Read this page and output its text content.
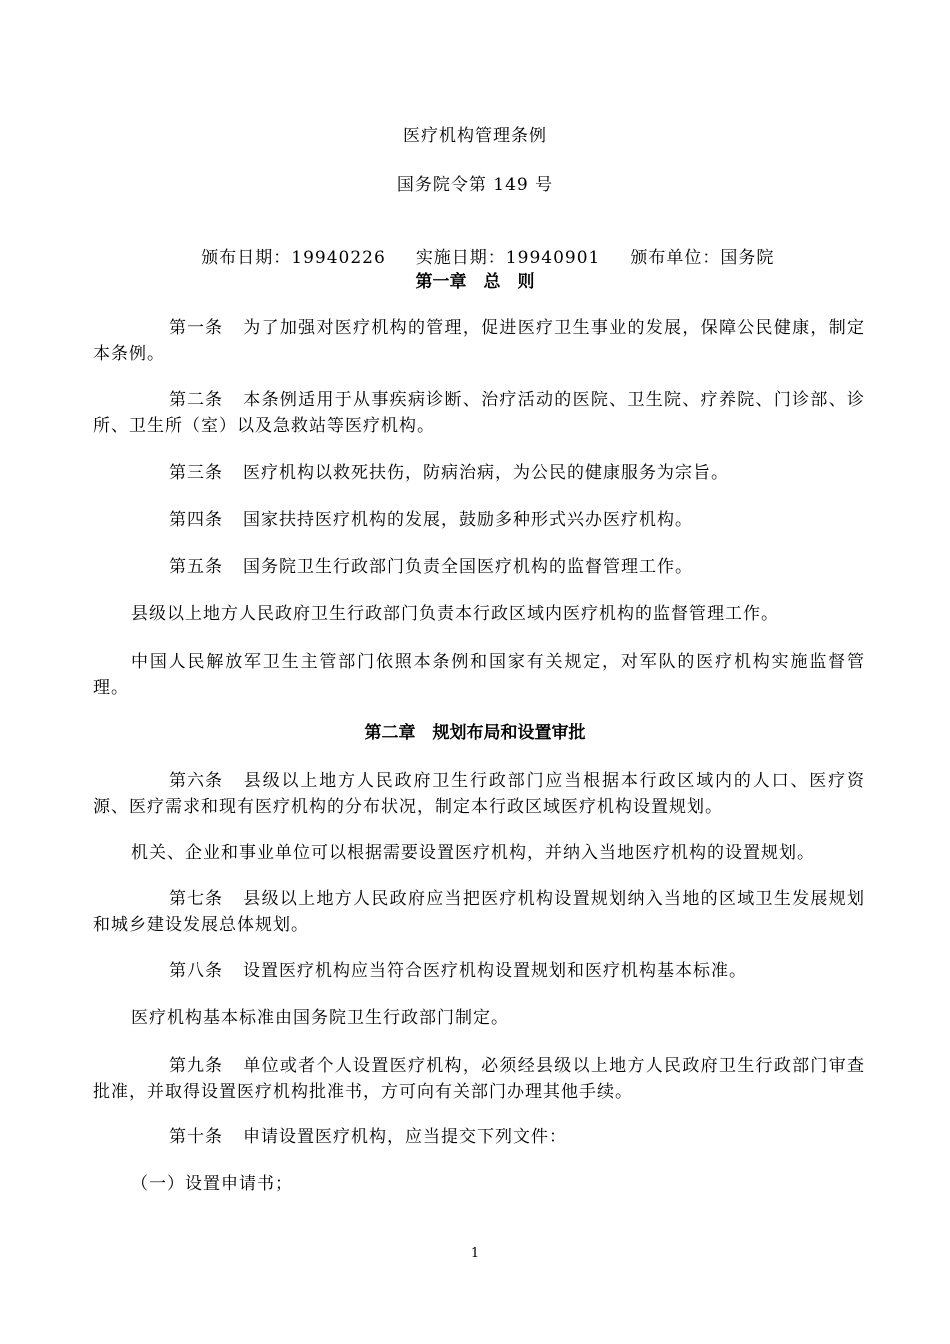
医疗机构管理条例
国务院令第 149 号

颁布日期：19940226 实施日期：19940901 颁布单位：国务院

第一章　总　则
第一条 为了加强对医疗机构的管理，促进医疗卫生事业的发展，保障公民健康，制定本条例。
第二条 本条例适用于从事疾病诊断、治疗活动的医院、卫生院、疗养院、门诊部、诊所、卫生所（室）以及急救站等医疗机构。
第三条 医疗机构以救死扶伤，防病治病，为公民的健康服务为宗旨。
第四条 国家扶持医疗机构的发展，鼓励多种形式兴办医疗机构。
第五条 国务院卫生行政部门负责全国医疗机构的监督管理工作。
县级以上地方人民政府卫生行政部门负责本行政区域内医疗机构的监督管理工作。
中国人民解放军卫生主管部门依照本条例和国家有关规定，对军队的医疗机构实施监督管理。
第二章　规划布局和设置审批
第六条 县级以上地方人民政府卫生行政部门应当根据本行政区域内的人口、医疗资源、医疗需求和现有医疗机构的分布状况，制定本行政区域医疗机构设置规划。
机关、企业和事业单位可以根据需要设置医疗机构，并纳入当地医疗机构的设置规划。
第七条 县级以上地方人民政府应当把医疗机构设置规划纳入当地的区域卫生发展规划和城乡建设发展总体规划。
第八条 设置医疗机构应当符合医疗机构设置规划和医疗机构基本标准。
医疗机构基本标准由国务院卫生行政部门制定。
第九条 单位或者个人设置医疗机构，必须经县级以上地方人民政府卫生行政部门审查批准，并取得设置医疗机构批准书，方可向有关部门办理其他手续。
第十条 申请设置医疗机构，应当提交下列文件：
（一）设置申请书；
1
